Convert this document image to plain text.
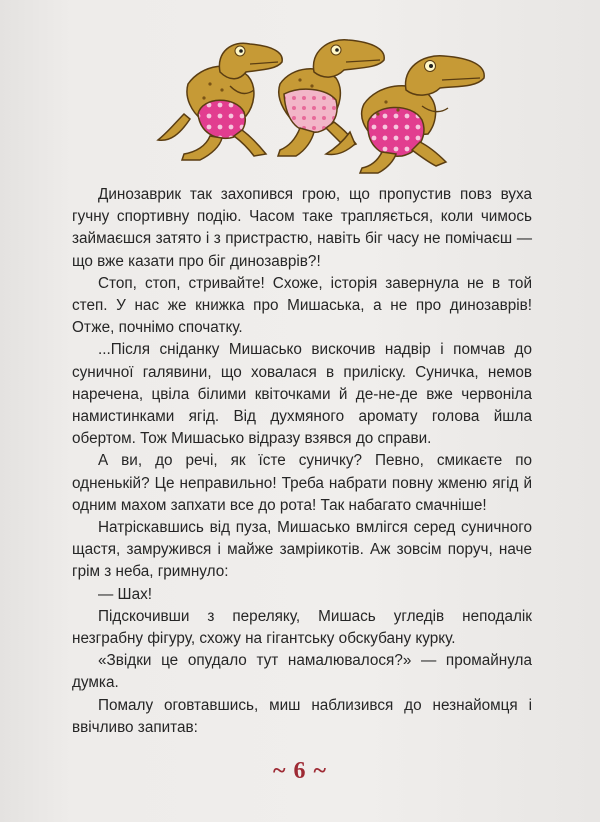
Динозаврик так захопився грою, що пропустив повз вуха гучну спортивну подію. Часом таке трапляється, коли чимось займаєшся затято і з пристрастю, навіть біг часу не помічаєш — що вже казати про біг динозаврів?!

Стоп, стоп, стривайте! Схоже, історія завернула не в той степ. У нас же книжка про Мишаська, а не про динозаврів! Отже, почнімо спочатку.

...Після сніданку Мишасько вискочив надвір і помчав до суничної галявини, що ховалася в прилiску. Суничка, немов наречена, цвіла білими квіточками й де-не-де вже червоніла намистинками ягід. Від духмяного аромату голова йшла обертом. Тож Мишасько відразу взявся до справи.

А ви, до речі, як їсте суничку? Певно, смикаєте по одненькій? Це неправильно! Треба набрати повну жменю ягід й одним махом запхати все до рота! Так набагато смачніше!

Натріскавшись від пуза, Мишасько вмлігся серед суничного щастя, замружився і майже замріикотів. Аж зовсім поруч, наче грім з неба, гримнуло:

— Шах!

Підскочивши з переляку, Мишась угледів неподалік незграбну фігуру, схожу на гігантську обскубану курку.

«Звідки це опудало тут намалювалося?» — промайнула думка.

Помалу оговтавшись, миш наблизився до незнайомця і ввічливо запитав:

~ 6 ~
